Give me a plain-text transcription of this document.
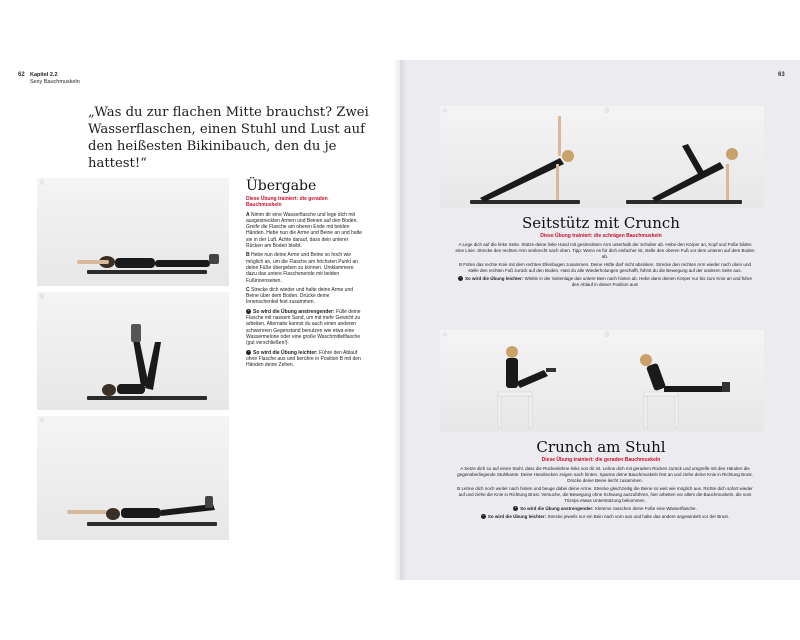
62 Kapitel 2.2
Sexy Bauchmuskeln
„Was du zur flachen Mitte brauchst? Zwei Wasserflaschen, einen Stuhl und Lust auf den heißesten Bikinibauch, den du je hattest!“
A
B
C
Übergabe

Diese Übung trainiert: die geraden Bauchmuskeln

A Nimm dir eine Wasserflasche und lege dich mit ausgestreckten Armen und Beinen auf den Boden. Greife die Flasche am oberen Ende mit beiden Händen. Hebe nun die Arme und Beine an und halte sie in der Luft. Achte darauf, dass dein unterer Rücken am Boden bleibt.

B Hebe nun deine Arme und Beine so hoch wie möglich an, um die Flasche am höchsten Punkt an deine Füße übergeben zu können. Umklammere dazu das untere Flaschenende mit beiden Fußinnenseiten.

C Strecke dich wieder und halte deine Arme und Beine über dem Boden. Drücke deine Innenschenkel fest zusammen.

+ So wird die Übung anstrengender: Fülle deine Flasche mit nassem Sand, um mit mehr Gewicht zu arbeiten. Alternativ kannst du auch einen anderen schwereren Gegenstand benutzen wie etwa eine Wassermelone oder eine große Waschmittelflasche (gut verschließen!).

− So wird die Übung leichter: Führe den Ablauf ohne Flasche aus und berühre in Position B mit den Händen deine Zehen.

63
A	B
Seitstütz mit Crunch
Diese Übung trainiert: die schrägen Bauchmuskeln

A Lege dich auf die linke Seite. Stütze deine linke Hand mit gestrecktem Arm unterhalb der Schulter ab. Hebe den Körper an, Kopf und Füße bilden eine Linie. Strecke den rechten Arm senkrecht nach oben. Tipp: Wenn es für dich einfacher ist, stelle den oberen Fuß vor dem unteren auf dem Boden ab.

B Führe das rechte Knie mit dem rechten Ellenbogen zusammen. Deine Hüfte darf nicht absinken. Strecke den rechten Arm wieder nach oben und stelle den rechten Fuß zurück auf den Boden. Hast du alle Wiederholungen geschafft, führst du die Bewegung auf der anderen Seite aus.

− So wird die Übung leichter: Winkle in der Seitenlage das untere Bein nach hinten ab. Hebe dann deinen Körper nur bis zum Knie an und führe den Ablauf in dieser Position aus!

A	B
Crunch am Stuhl
Diese Übung trainiert: die geraden Bauchmuskeln

A Setze dich so auf einen Stuhl, dass die Rückenlehne links von dir ist. Lehne dich mit geradem Rücken zurück und umgreife mit den Händen die gegenüberliegende Stuhlkante. Deine Handrücken zeigen nach hinten. Spanne deine Bauchmuskeln fest an und ziehe deine Knie in Richtung Brust. Drücke deine Beine leicht zusammen.

B Lehne dich noch weiter nach hinten und beuge dabei deine Arme. Strecke gleichzeitig die Beine so weit wie möglich aus. Richte dich sofort wieder auf und ziehe die Knie in Richtung Brust. Versuche, die Bewegung ohne Schwung auszuführen, hier arbeiten vor allem die Bauchmuskeln, die vom Trizeps etwas Unterstützung bekommen.

+ So wird die Übung anstrengender: Klemme zwischen deine Füße eine Wasserflasche.

− So wird die Übung leichter: Strecke jeweils nur ein Bein nach vorn aus und halte das andere angewinkelt vor der Brust.
